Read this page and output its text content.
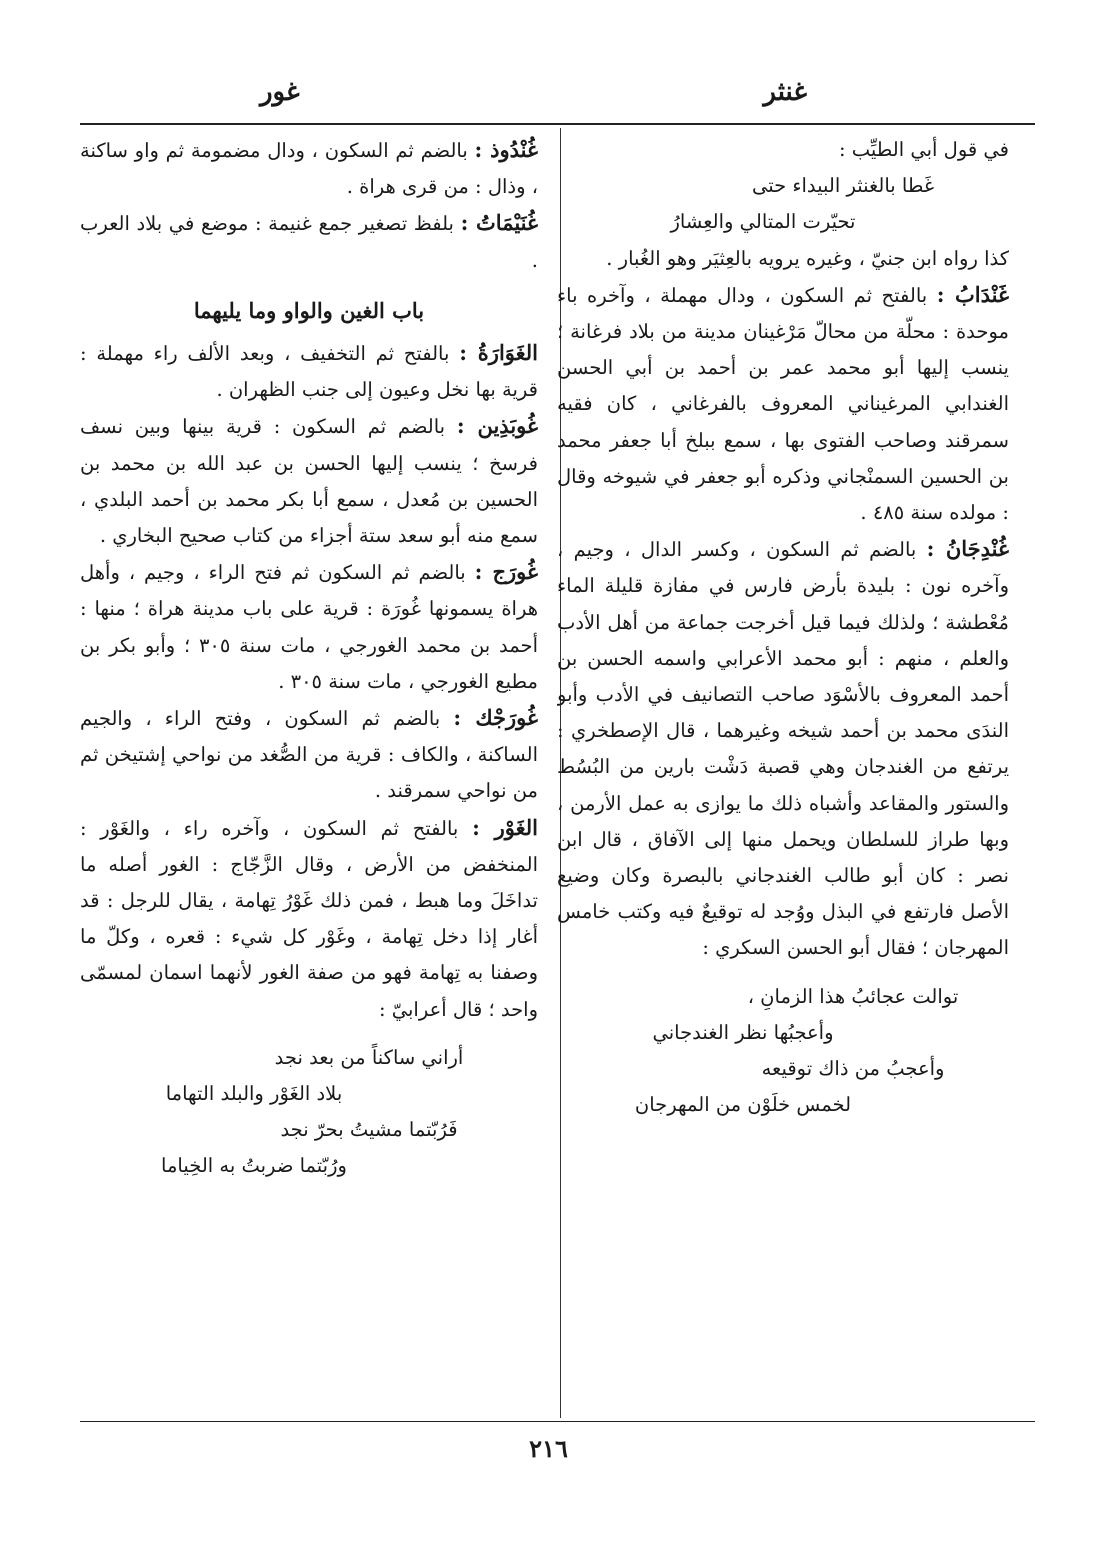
غنثر
غور

في قول أبي الطيِّب :

غَطا بالغنثر البيداء حتى
تحيّرت المتالي والعِشارُ

كذا رواه ابن جنيّ ، وغيره يرويه بالعِثيَر وهو الغُبار .

غَنْدَابُ : بالفتح ثم السكون ، ودال مهملة ، وآخره باء موحدة : محلّة من محالّ مَرْغينان مدينة من بلاد فرغانة ؛ ينسب إليها أبو محمد عمر بن أحمد بن أبي الحسن الغندابي المرغيناني المعروف بالفرغاني ، كان فقيه سمرقند وصاحب الفتوى بها ، سمع ببلخ أبا جعفر محمد بن الحسين السمنْجاني وذكره أبو جعفر في شيوخه وقال : مولده سنة ٤٨٥ .

غُنْدِجَانُ : بالضم ثم السكون ، وكسر الدال ، وجيم ، وآخره نون : بليدة بأرض فارس في مفازة قليلة الماء مُعْطشة ؛ ولذلك فيما قيل أخرجت جماعة من أهل الأدب والعلم ، منهم : أبو محمد الأعرابي واسمه الحسن بن أحمد المعروف بالأسْوَد صاحب التصانيف في الأدب وأبو الندَى محمد بن أحمد شيخه وغيرهما ، قال الإصطخري : يرتفع من الغندجان وهي قصبة دَشْت بارين من البُسُط والستور والمقاعد وأشباه ذلك ما يوازى به عمل الأرمن ، وبها طراز للسلطان ويحمل منها إلى الآفاق ، قال ابن نصر : كان أبو طالب الغندجاني بالبصرة وكان وضيع الأصل فارتفع في البذل ووُجد له توقيعٌ فيه وكتب خامس المهرجان ؛ فقال أبو الحسن السكري :

توالت عجائبُ هذا الزمانِ ،
وأعجبُها نظر الغندجاني
وأعجبُ من ذاك توقيعه
لخمس خلَوْن من المهرجان

غُنْدُوذ : بالضم ثم السكون ، ودال مضمومة ثم واو ساكنة ، وذال : من قرى هراة .

غُنَيْمَاتُ : بلفظ تصغير جمع غنيمة : موضع في بلاد العرب .

باب الغين والواو وما يليهما

الغَوَارَةُ : بالفتح ثم التخفيف ، وبعد الألف راء مهملة : قرية بها نخل وعيون إلى جنب الظهران .

غُوبَذِين : بالضم ثم السكون : قرية بينها وبين نسف فرسخ ؛ ينسب إليها الحسن بن عبد الله بن محمد بن الحسين بن مُعدل ، سمع أبا بكر محمد بن أحمد البلدي ، سمع منه أبو سعد ستة أجزاء من كتاب صحيح البخاري .

غُورَج : بالضم ثم السكون ثم فتح الراء ، وجيم ، وأهل هراة يسمونها غُورَة : قرية على باب مدينة هراة ؛ منها : أحمد بن محمد الغورجي ، مات سنة ٣٠٥ ؛ وأبو بكر بن مطيع الغورجي ، مات سنة ٣٠٥ .

غُورَجْك : بالضم ثم السكون ، وفتح الراء ، والجيم الساكنة ، والكاف : قرية من الصُّغد من نواحي إشتيخن ثم من نواحي سمرقند .

الغَوْر : بالفتح ثم السكون ، وآخره راء ، والغَوْر : المنخفض من الأرض ، وقال الزَّجّاج : الغور أصله ما تداخَلَ وما هبط ، فمن ذلك غَوْرُ تِهامة ، يقال للرجل : قد أغار إذا دخل تِهامة ، وغَوْر كل شيء : قعره ، وكلّ ما وصفنا به تِهامة فهو من صفة الغور لأنهما اسمان لمسمّى واحد ؛ قال أعرابيّ :

أراني ساكناً من بعد نجد
بلاد الغَوْر والبلد التهاما
فَرُبّتما مشيتُ بحرّ نجد
ورُبّتما ضربتُ به الخِياما
٢١٦
